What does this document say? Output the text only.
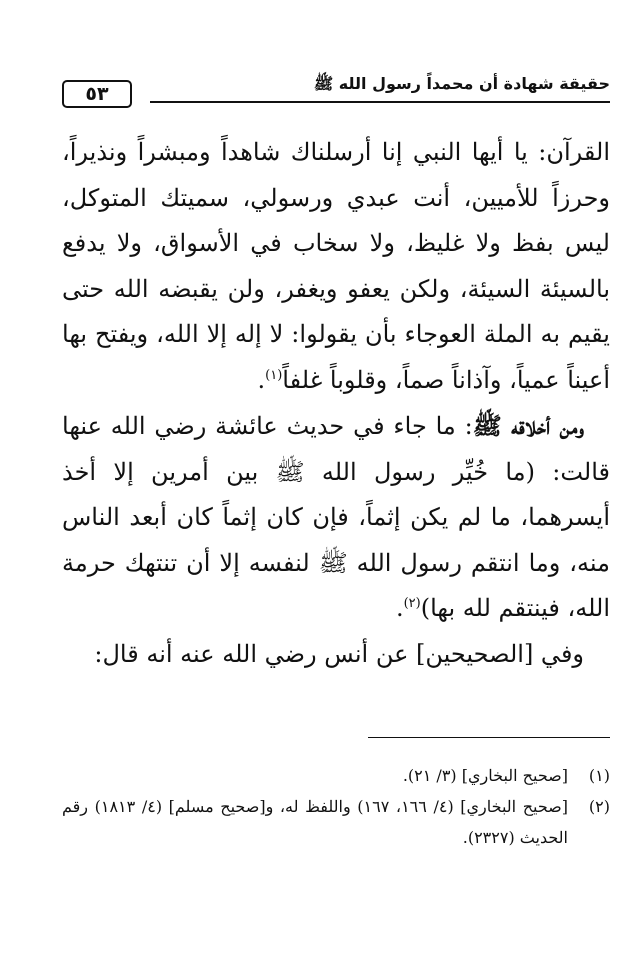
حقيقة شهادة أن محمداً رسول الله ﷺ
٥٣

القرآن: يا أيها النبي إنا أرسلناك شاهداً ومبشراً ونذيراً، وحرزاً للأميين، أنت عبدي ورسولي، سميتك المتوكل، ليس بفظ ولا غليظ، ولا سخاب في الأسواق، ولا يدفع بالسيئة السيئة، ولكن يعفو ويغفر، ولن يقبضه الله حتى يقيم به الملة العوجاء بأن يقولوا: لا إله إلا الله، ويفتح بها أعيناً عمياً، وآذاناً صماً، وقلوباً غلفاً$^{(١)}$.

ومن أخلاقه ﷺ: ما جاء في حديث عائشة رضي الله عنها قالت: (ما خُيِّر رسول الله ﷺ بين أمرين إلا أخذ أيسرهما، ما لم يكن إثماً، فإن كان إثماً كان أبعد الناس منه، وما انتقم رسول الله ﷺ لنفسه إلا أن تنتهك حرمة الله، فينتقم لله بها)$^{(٢)}$.

وفي [الصحيحين] عن أنس رضي الله عنه أنه قال:

(١)
[صحيح البخاري] (٣/ ٢١).
(٢)
[صحيح البخاري] (٤/ ١٦٦، ١٦٧) واللفظ له، و[صحيح مسلم] (٤/ ١٨١٣) رقم الحديث (٢٣٢٧).
